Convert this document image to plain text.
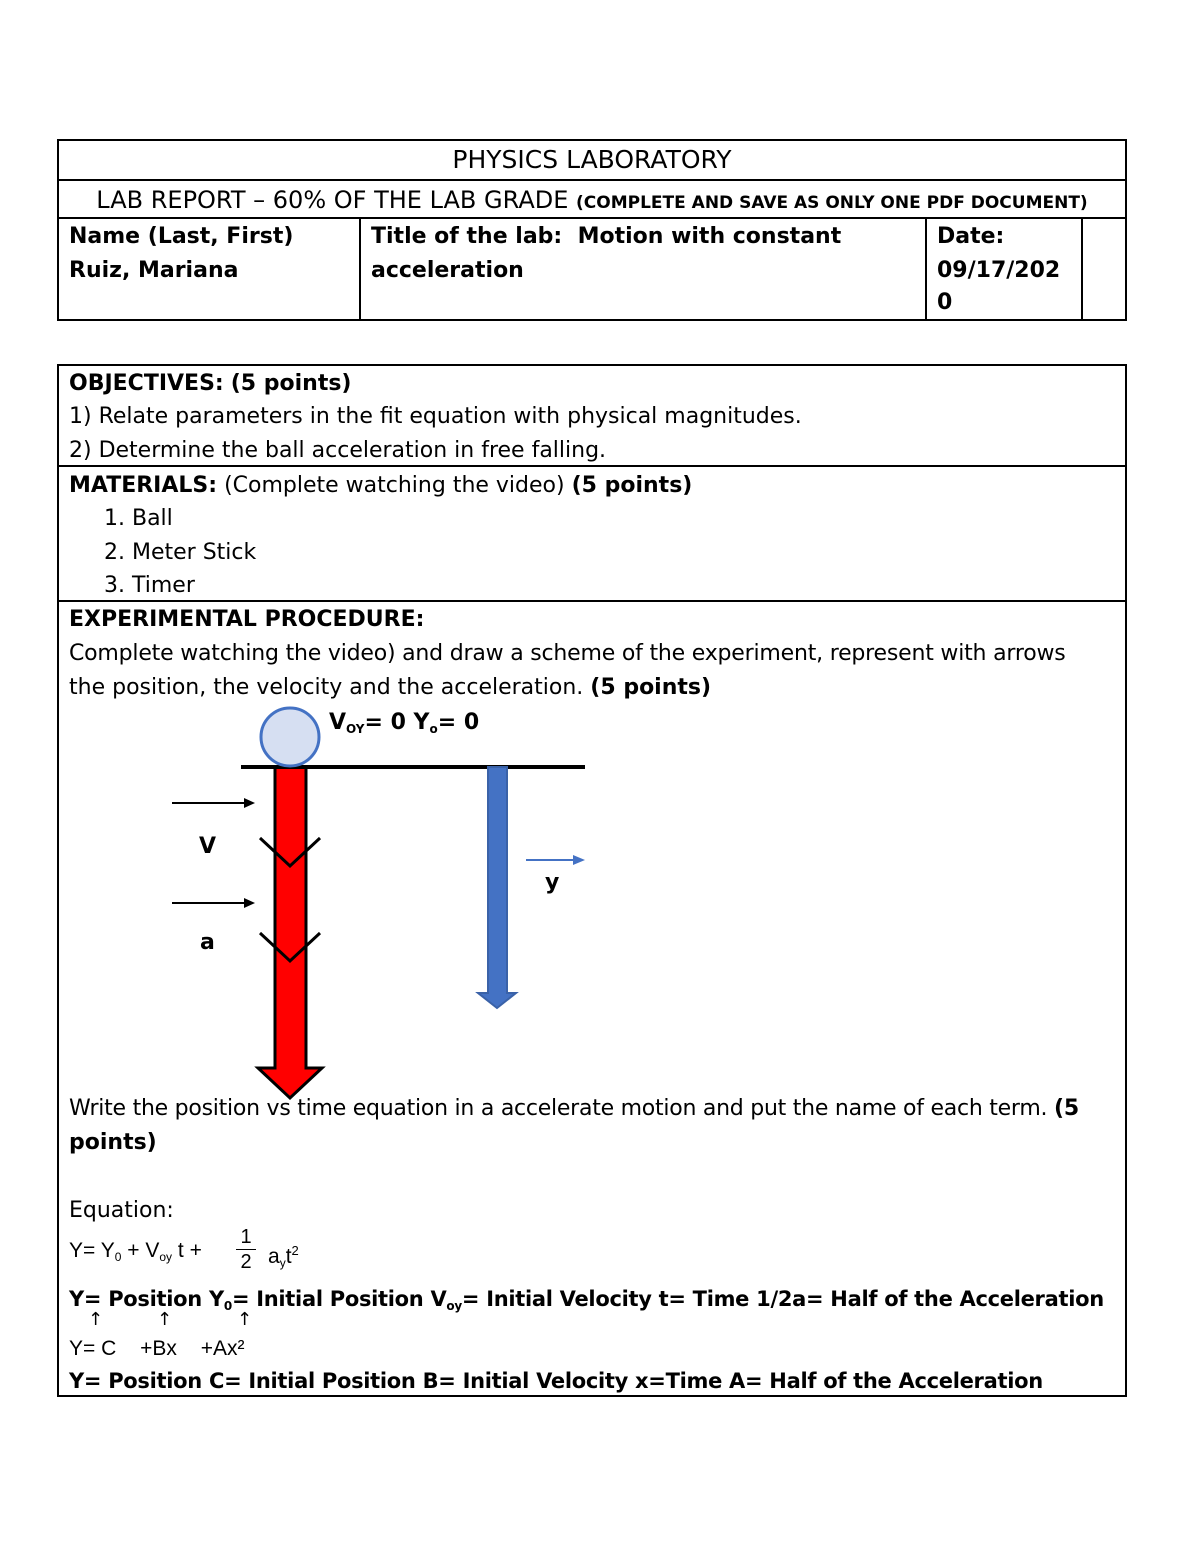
PHYSICS LABORATORY
LAB REPORT – 60% OF THE LAB GRADE (COMPLETE AND SAVE AS ONLY ONE PDF DOCUMENT)
Name (Last, First)
Ruiz, Mariana
Title of the lab: Motion with constant
acceleration
Date:
09/17/202
0
OBJECTIVES: (5 points)
1) Relate parameters in the fit equation with physical magnitudes.
2) Determine the ball acceleration in free falling.
MATERIALS: (Complete watching the video) (5 points)
1. Ball
2. Meter Stick
3. Timer
EXPERIMENTAL PROCEDURE:
Complete watching the video) and draw a scheme of the experiment, represent with arrows
the position, the velocity and the acceleration. (5 points)
$V_{OY}= 0$ $Y_o= 0$
V
a
y
Write the position vs time equation in a accelerate motion and put the name of each term. (5
points)
Equation:
$Y= Y_0 + V_{oy}$ t +
1
2 $a_yt^2$
Y= Position $Y_0=$ Initial Position $V_{oy}=$ Initial Velocity t= Time 1/2a= Half of the Acceleration
↑	↑	↑
Y= C +Bx +Ax²
Y= Position C= Initial Position B= Initial Velocity x=Time A= Half of the Acceleration
